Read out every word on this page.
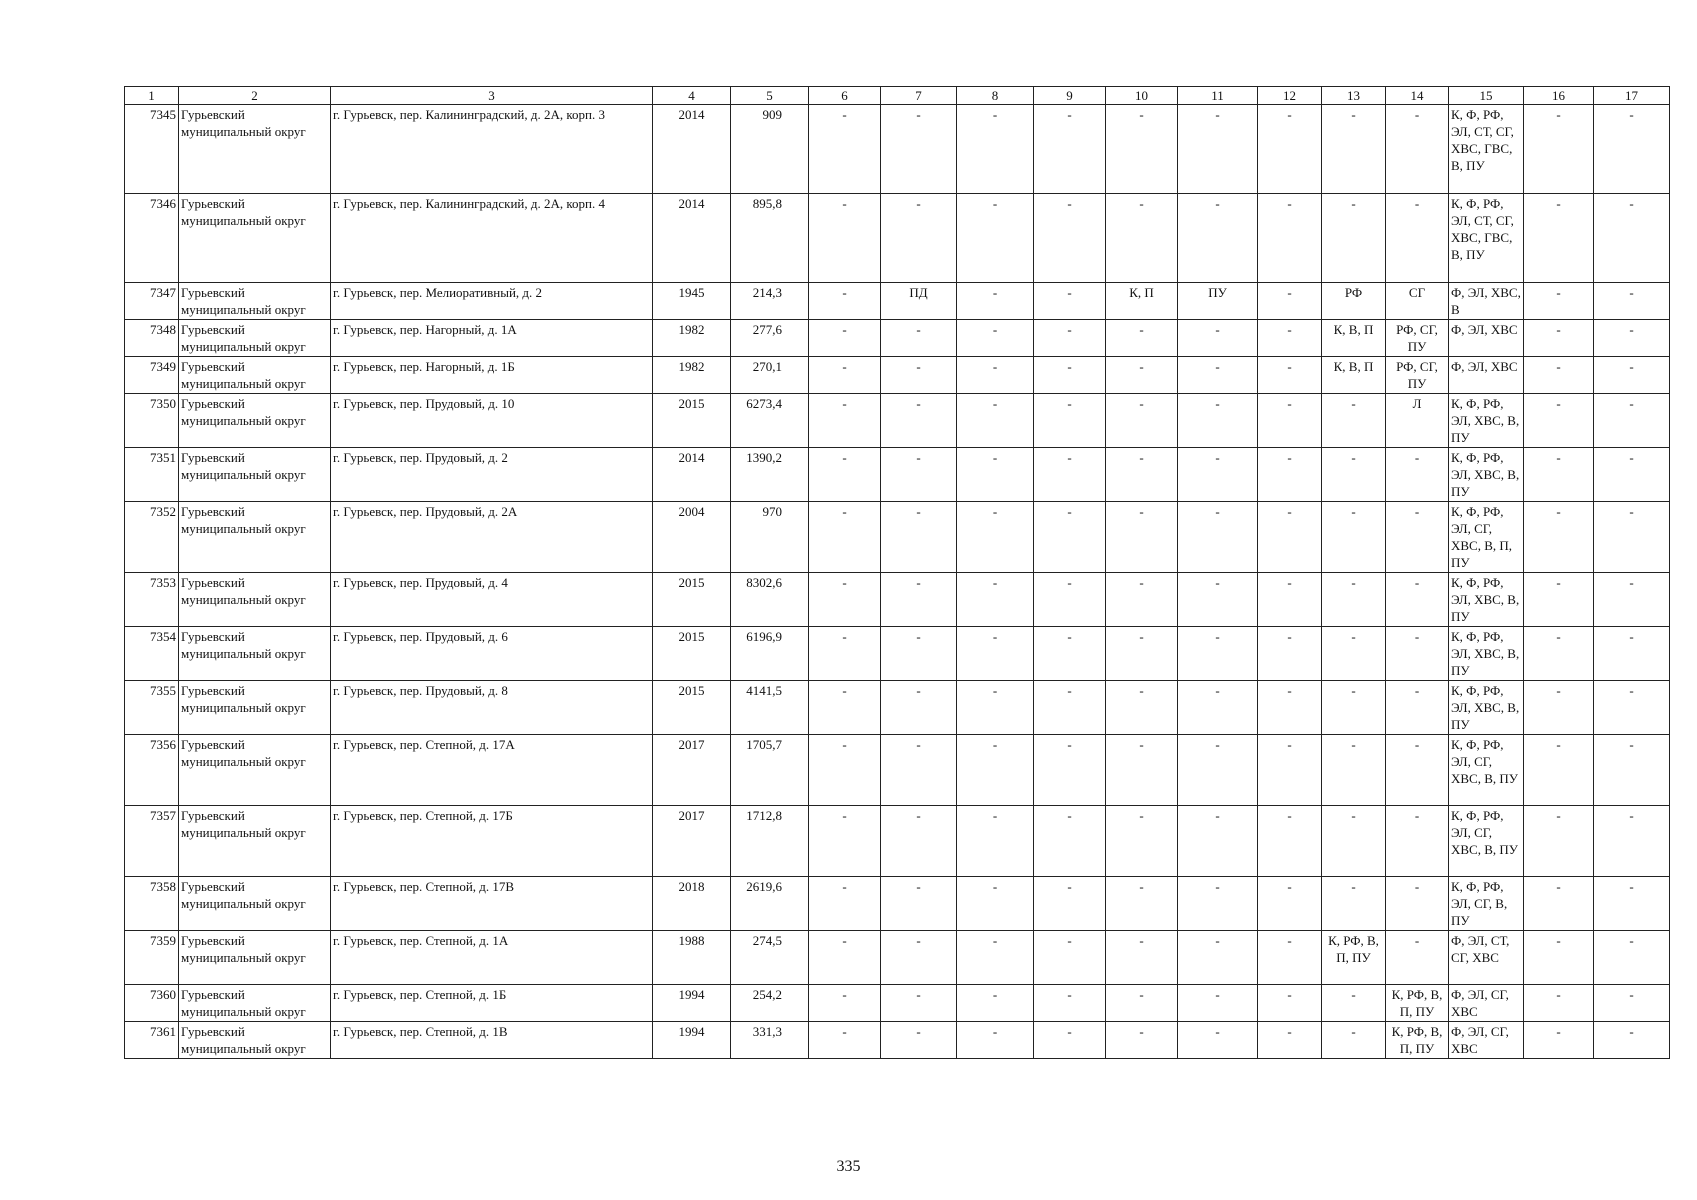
1	2	3	4	5	6	7	8	9	10	11	12	13	14	15	16	17
7345	Гурьевский муниципальный округ	г. Гурьевск, пер. Калининградский, д. 2А, корп. 3	2014	909	-	-	-	-	-	-	-	-	-	К, Ф, РФ, ЭЛ, СТ, СГ, ХВС, ГВС, В, ПУ	-	-
7346	Гурьевский муниципальный округ	г. Гурьевск, пер. Калининградский, д. 2А, корп. 4	2014	895,8	-	-	-	-	-	-	-	-	-	К, Ф, РФ, ЭЛ, СТ, СГ, ХВС, ГВС, В, ПУ	-	-
7347	Гурьевский муниципальный округ	г. Гурьевск, пер. Мелиоративный, д. 2	1945	214,3	-	ПД	-	-	К, П	ПУ	-	РФ	СГ	Ф, ЭЛ, ХВС, В	-	-
7348	Гурьевский муниципальный округ	г. Гурьевск, пер. Нагорный, д. 1А	1982	277,6	-	-	-	-	-	-	-	К, В, П	РФ, СГ, ПУ	Ф, ЭЛ, ХВС	-	-
7349	Гурьевский муниципальный округ	г. Гурьевск, пер. Нагорный, д. 1Б	1982	270,1	-	-	-	-	-	-	-	К, В, П	РФ, СГ, ПУ	Ф, ЭЛ, ХВС	-	-
7350	Гурьевский муниципальный округ	г. Гурьевск, пер. Прудовый, д. 10	2015	6273,4	-	-	-	-	-	-	-	-	Л	К, Ф, РФ, ЭЛ, ХВС, В, ПУ	-	-
7351	Гурьевский муниципальный округ	г. Гурьевск, пер. Прудовый, д. 2	2014	1390,2	-	-	-	-	-	-	-	-	-	К, Ф, РФ, ЭЛ, ХВС, В, ПУ	-	-
7352	Гурьевский муниципальный округ	г. Гурьевск, пер. Прудовый, д. 2А	2004	970	-	-	-	-	-	-	-	-	-	К, Ф, РФ, ЭЛ, СГ, ХВС, В, П, ПУ	-	-
7353	Гурьевский муниципальный округ	г. Гурьевск, пер. Прудовый, д. 4	2015	8302,6	-	-	-	-	-	-	-	-	-	К, Ф, РФ, ЭЛ, ХВС, В, ПУ	-	-
7354	Гурьевский муниципальный округ	г. Гурьевск, пер. Прудовый, д. 6	2015	6196,9	-	-	-	-	-	-	-	-	-	К, Ф, РФ, ЭЛ, ХВС, В, ПУ	-	-
7355	Гурьевский муниципальный округ	г. Гурьевск, пер. Прудовый, д. 8	2015	4141,5	-	-	-	-	-	-	-	-	-	К, Ф, РФ, ЭЛ, ХВС, В, ПУ	-	-
7356	Гурьевский муниципальный округ	г. Гурьевск, пер. Степной, д. 17А	2017	1705,7	-	-	-	-	-	-	-	-	-	К, Ф, РФ, ЭЛ, СГ, ХВС, В, ПУ	-	-
7357	Гурьевский муниципальный округ	г. Гурьевск, пер. Степной, д. 17Б	2017	1712,8	-	-	-	-	-	-	-	-	-	К, Ф, РФ, ЭЛ, СГ, ХВС, В, ПУ	-	-
7358	Гурьевский муниципальный округ	г. Гурьевск, пер. Степной, д. 17В	2018	2619,6	-	-	-	-	-	-	-	-	-	К, Ф, РФ, ЭЛ, СГ, В, ПУ	-	-
7359	Гурьевский муниципальный округ	г. Гурьевск, пер. Степной, д. 1А	1988	274,5	-	-	-	-	-	-	-	К, РФ, В, П, ПУ	-	Ф, ЭЛ, СТ, СГ, ХВС	-	-
7360	Гурьевский муниципальный округ	г. Гурьевск, пер. Степной, д. 1Б	1994	254,2	-	-	-	-	-	-	-	-	К, РФ, В, П, ПУ	Ф, ЭЛ, СГ, ХВС	-	-
7361	Гурьевский муниципальный округ	г. Гурьевск, пер. Степной, д. 1В	1994	331,3	-	-	-	-	-	-	-	-	К, РФ, В, П, ПУ	Ф, ЭЛ, СГ, ХВС	-	-
335
